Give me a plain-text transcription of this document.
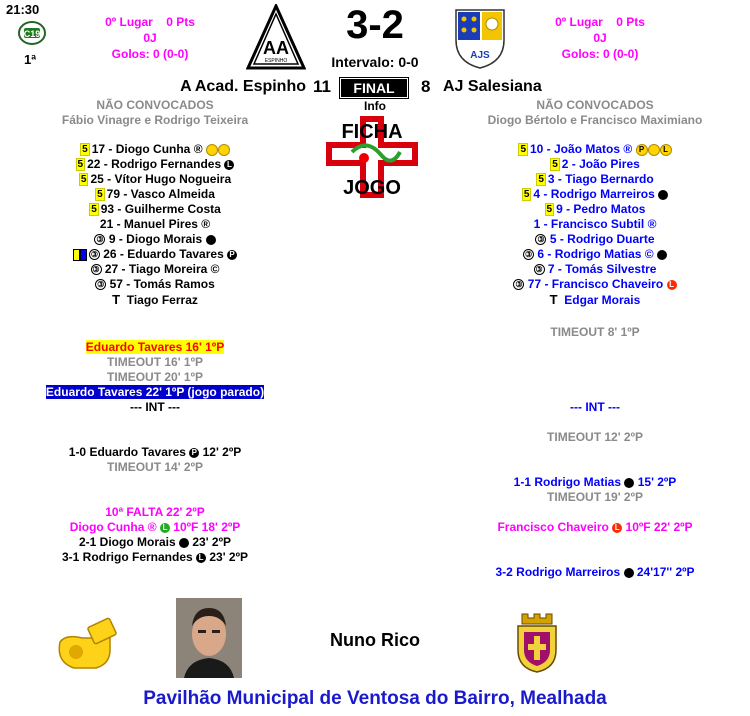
21:30
C19
1ª
0º Lugar 0 Pts
0J
Golos: 0 (0-0)
0º Lugar 0 Pts
0J
Golos: 0 (0-0)
AA
ESPINHO
3-2
Intervalo: 0-0	AJS
A Acad. Espinho 11	FINAL	8 AJ Salesiana
Info
FICHA
JOGO
NÃO CONVOCADOS
Fábio Vinagre e Rodrigo Teixeira
NÃO CONVOCADOS
Diogo Bértolo e Francisco Maximiano
5 17 - Diogo Cunha ®
5 22 - Rodrigo Fernandes L
5 25 - Vítor Hugo Nogueira
5 79 - Vasco Almeida
5 93 - Guilherme Costa
21 - Manuel Pires ®
③ 9 - Diogo Morais
③ 26 - Eduardo Tavares P
③ 27 - Tiago Moreira ©
③ 57 - Tomás Ramos
T Tiago Ferraz
5 10 - João Matos ® P L
5 2 - João Pires
5 3 - Tiago Bernardo
5 4 - Rodrigo Marreiros
5 9 - Pedro Matos
1 - Francisco Subtil ®
③ 5 - Rodrigo Duarte
③ 6 - Rodrigo Matias ©
③ 7 - Tomás Silvestre
③ 77 - Francisco Chaveiro L
T Edgar Morais
Eduardo Tavares 16' 1ºP
TIMEOUT 16' 1ºP
TIMEOUT 20' 1ºP
Eduardo Tavares 22' 1ºP (jogo parado)
--- INT ---
1-0 Eduardo Tavares P 12' 2ºP
TIMEOUT 14' 2ºP
10ª FALTA 22' 2ºP
Diogo Cunha ® L 10ºF 18' 2ºP
2-1 Diogo Morais 23' 2ºP
3-1 Rodrigo Fernandes L 23' 2ºP
TIMEOUT 8' 1ºP
--- INT ---
TIMEOUT 12' 2ºP
1-1 Rodrigo Matias 15' 2ºP
TIMEOUT 19' 2ºP
Francisco Chaveiro L 10ºF 22' 2ºP
3-2 Rodrigo Marreiros 24'17'' 2ºP
Nuno Rico
Pavilhão Municipal de Ventosa do Bairro, Mealhada
